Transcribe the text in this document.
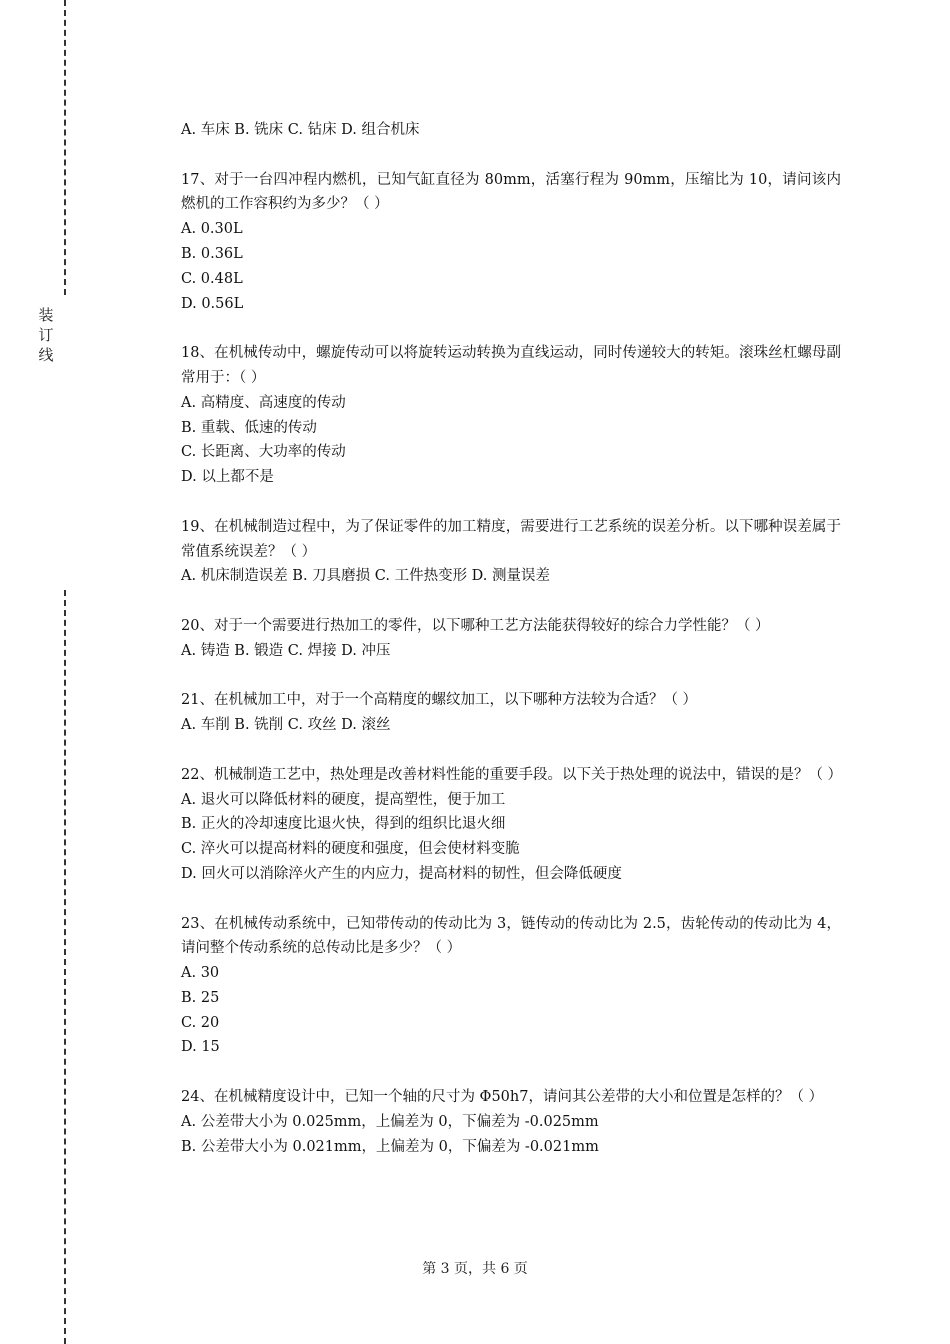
装
订
线
A. 车床 B. 铣床 C. 钻床 D. 组合机床
17、对于一台四冲程内燃机，已知气缸直径为 80mm，活塞行程为 90mm，压缩比为 10，请问该内燃机的工作容积约为多少？（ ）
A. 0.30L
B. 0.36L
C. 0.48L
D. 0.56L
18、在机械传动中，螺旋传动可以将旋转运动转换为直线运动，同时传递较大的转矩。滚珠丝杠螺母副常用于：（ ）
A. 高精度、高速度的传动
B. 重载、低速的传动
C. 长距离、大功率的传动
D. 以上都不是
19、在机械制造过程中，为了保证零件的加工精度，需要进行工艺系统的误差分析。以下哪种误差属于常值系统误差？（ ）
A. 机床制造误差 B. 刀具磨损 C. 工件热变形 D. 测量误差
20、对于一个需要进行热加工的零件，以下哪种工艺方法能获得较好的综合力学性能？（ ）
A. 铸造 B. 锻造 C. 焊接 D. 冲压
21、在机械加工中，对于一个高精度的螺纹加工，以下哪种方法较为合适？（ ）
A. 车削 B. 铣削 C. 攻丝 D. 滚丝
22、机械制造工艺中，热处理是改善材料性能的重要手段。以下关于热处理的说法中，错误的是？（ ）
A. 退火可以降低材料的硬度，提高塑性，便于加工
B. 正火的冷却速度比退火快，得到的组织比退火细
C. 淬火可以提高材料的硬度和强度，但会使材料变脆
D. 回火可以消除淬火产生的内应力，提高材料的韧性，但会降低硬度
23、在机械传动系统中，已知带传动的传动比为 3，链传动的传动比为 2.5，齿轮传动的传动比为 4，请问整个传动系统的总传动比是多少？（ ）
A. 30
B. 25
C. 20
D. 15
24、在机械精度设计中，已知一个轴的尺寸为 Φ50h7，请问其公差带的大小和位置是怎样的？（ ）
A. 公差带大小为 0.025mm，上偏差为 0，下偏差为 -0.025mm
B. 公差带大小为 0.021mm，上偏差为 0，下偏差为 -0.021mm
第 3 页，共 6 页
